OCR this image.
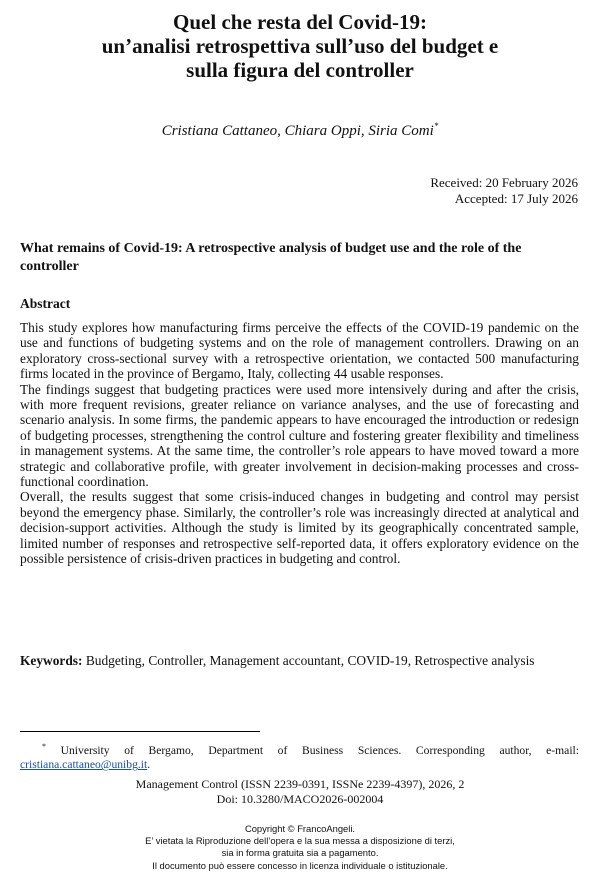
Quel che resta del Covid-19:
un’analisi retrospettiva sull’uso del budget e
sulla figura del controller
Cristiana Cattaneo, Chiara Oppi, Siria Comi*
Received: 20 February 2026
Accepted: 17 July 2026
What remains of Covid-19: A retrospective analysis of budget use and the role of the controller
Abstract

This study explores how manufacturing firms perceive the effects of the COVID-19 pandemic on the use and functions of budgeting systems and on the role of management controllers. Drawing on an exploratory cross-sectional survey with a retrospective orientation, we contacted 500 manufacturing firms located in the province of Bergamo, Italy, collecting 44 usable responses.

The findings suggest that budgeting practices were used more intensively during and after the crisis, with more frequent revisions, greater reliance on variance analyses, and the use of forecasting and scenario analysis. In some firms, the pandemic appears to have encouraged the introduction or redesign of budgeting processes, strengthening the control culture and fostering greater flexibility and timeliness in management systems. At the same time, the controller’s role appears to have moved toward a more strategic and collaborative profile, with greater involvement in decision-making processes and cross-functional coordination.

Overall, the results suggest that some crisis-induced changes in budgeting and control may persist beyond the emergency phase. Similarly, the controller’s role was increasingly directed at analytical and decision-support activities. Although the study is limited by its geographically concentrated sample, limited number of responses and retrospective self-reported data, it offers exploratory evidence on the possible persistence of crisis-driven practices in budgeting and control.

Keywords: Budgeting, Controller, Management accountant, COVID-19, Retrospective analysis
* University of Bergamo, Department of Business Sciences. Corresponding author, e-mail: cristiana.cattaneo@unibg.it.
Management Control (ISSN 2239-0391, ISSNe 2239-4397), 2026, 2
Doi: 10.3280/MACO2026-002004
Copyright © FrancoAngeli.
E’ vietata la Riproduzione dell’opera e la sua messa a disposizione di terzi,
sia in forma gratuita sia a pagamento.
Il documento può essere concesso in licenza individuale o istituzionale.
